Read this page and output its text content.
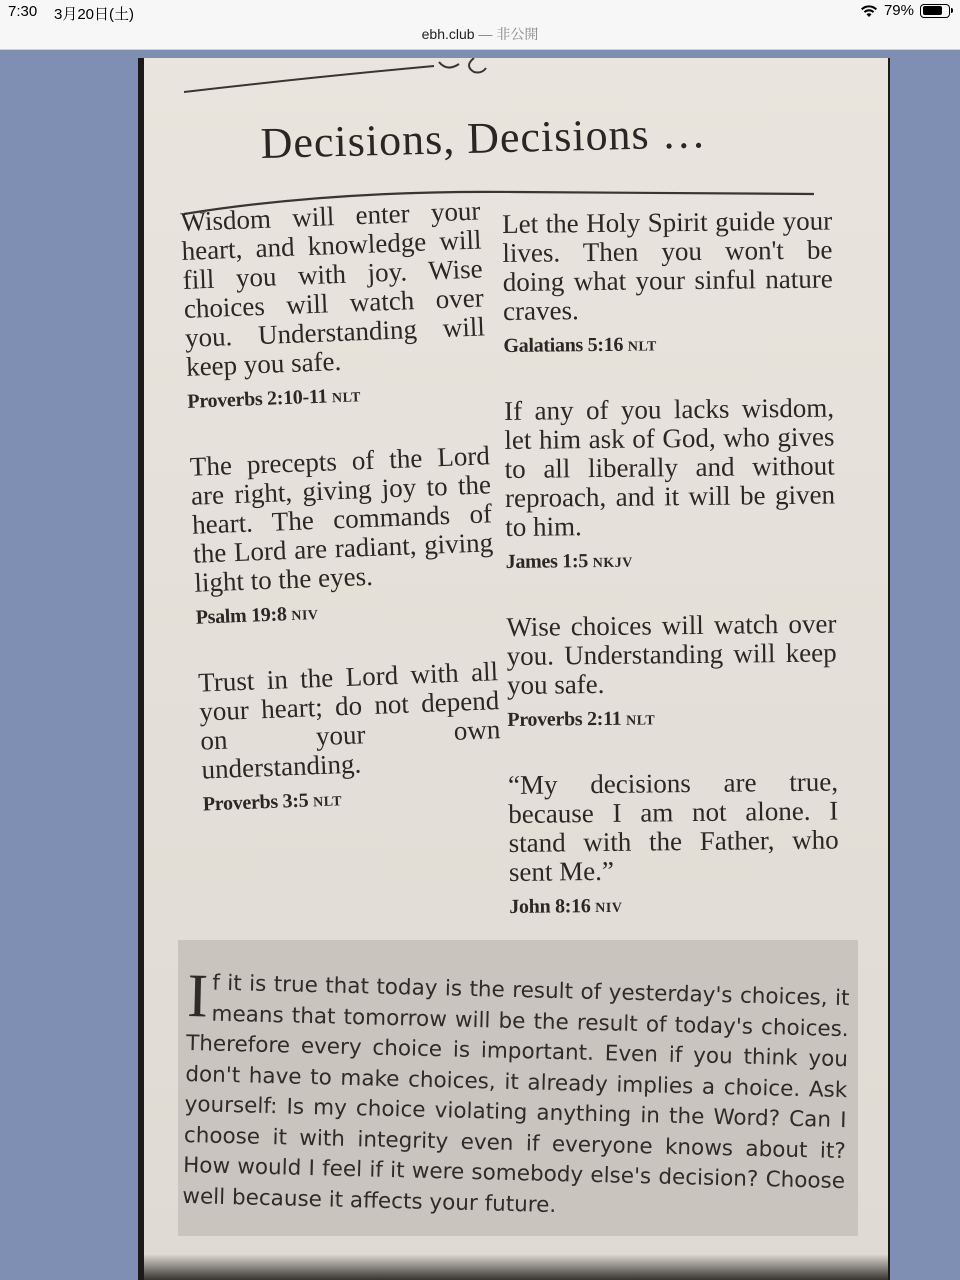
7:30 3月20日(土)	79%
ebh.club — 非公開
Decisions, Decisions …
Wisdom will enter your heart, and knowledge will fill you with joy. Wise choices will watch over you. Understanding will keep you safe.
Proverbs 2:10-11 NLT
The precepts of the Lord are right, giving joy to the heart. The commands of the Lord are radiant, giving light to the eyes.
Psalm 19:8 NIV
Trust in the Lord with all your heart; do not depend on your own understanding.
Proverbs 3:5 NLT
Let the Holy Spirit guide your lives. Then you won't be doing what your sinful nature craves.
Galatians 5:16 NLT
If any of you lacks wisdom, let him ask of God, who gives to all liberally and without reproach, and it will be given to him.
James 1:5 NKJV
Wise choices will watch over you. Understanding will keep you safe.
Proverbs 2:11 NLT
“My decisions are true, because I am not alone. I stand with the Father, who sent Me.”
John 8:16 NIV
If it is true that today is the result of yesterday's choices, it means that tomorrow will be the result of today's choices. Therefore every choice is important. Even if you think you don't have to make choices, it already implies a choice. Ask yourself: Is my choice violating anything in the Word? Can I choose it with integrity even if everyone knows about it? How would I feel if it were somebody else's decision? Choose well because it affects your future.
